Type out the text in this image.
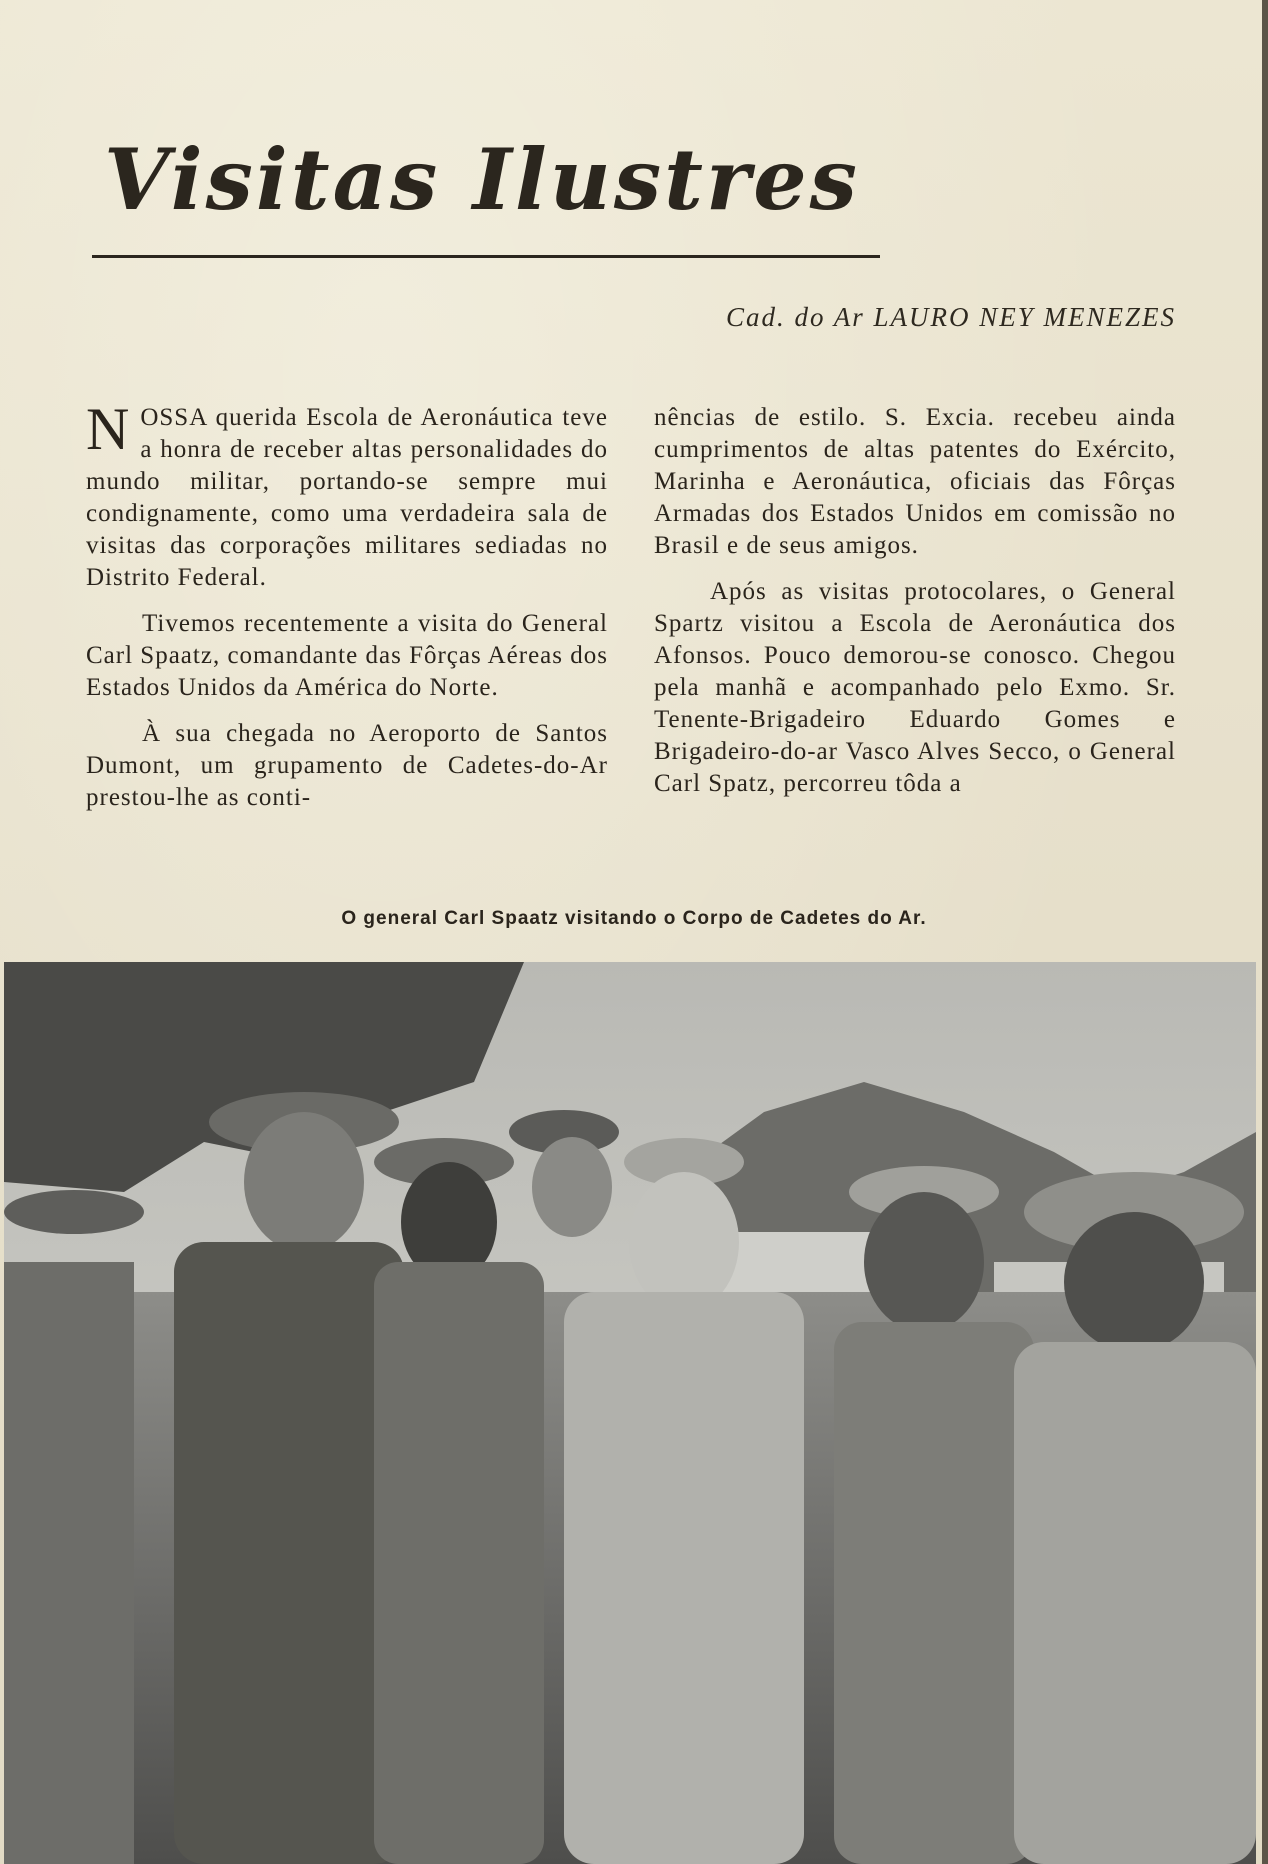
Visitas Ilustres
Cad. do Ar LAURO NEY MENEZES

NOSSA querida Escola de Aeronáutica teve a honra de receber altas personalidades do mundo militar, portando-se sempre mui condignamente, como uma verdadeira sala de visitas das corporações militares sediadas no Distrito Federal.

Tivemos recentemente a visita do General Carl Spaatz, comandante das Fôrças Aéreas dos Estados Unidos da América do Norte.

À sua chegada no Aeroporto de Santos Dumont, um grupamento de Cadetes-do-Ar prestou-lhe as conti-

nências de estilo. S. Excia. recebeu ainda cumprimentos de altas patentes do Exército, Marinha e Aeronáutica, oficiais das Fôrças Armadas dos Estados Unidos em comissão no Brasil e de seus amigos.

Após as visitas protocolares, o General Spartz visitou a Escola de Aeronáutica dos Afonsos. Pouco demorou-se conosco. Chegou pela manhã e acompanhado pelo Exmo. Sr. Tenente-Brigadeiro Eduardo Gomes e Brigadeiro-do-ar Vasco Alves Secco, o General Carl Spatz, percorreu tôda a

O general Carl Spaatz visitando o Corpo de Cadetes do Ar.
